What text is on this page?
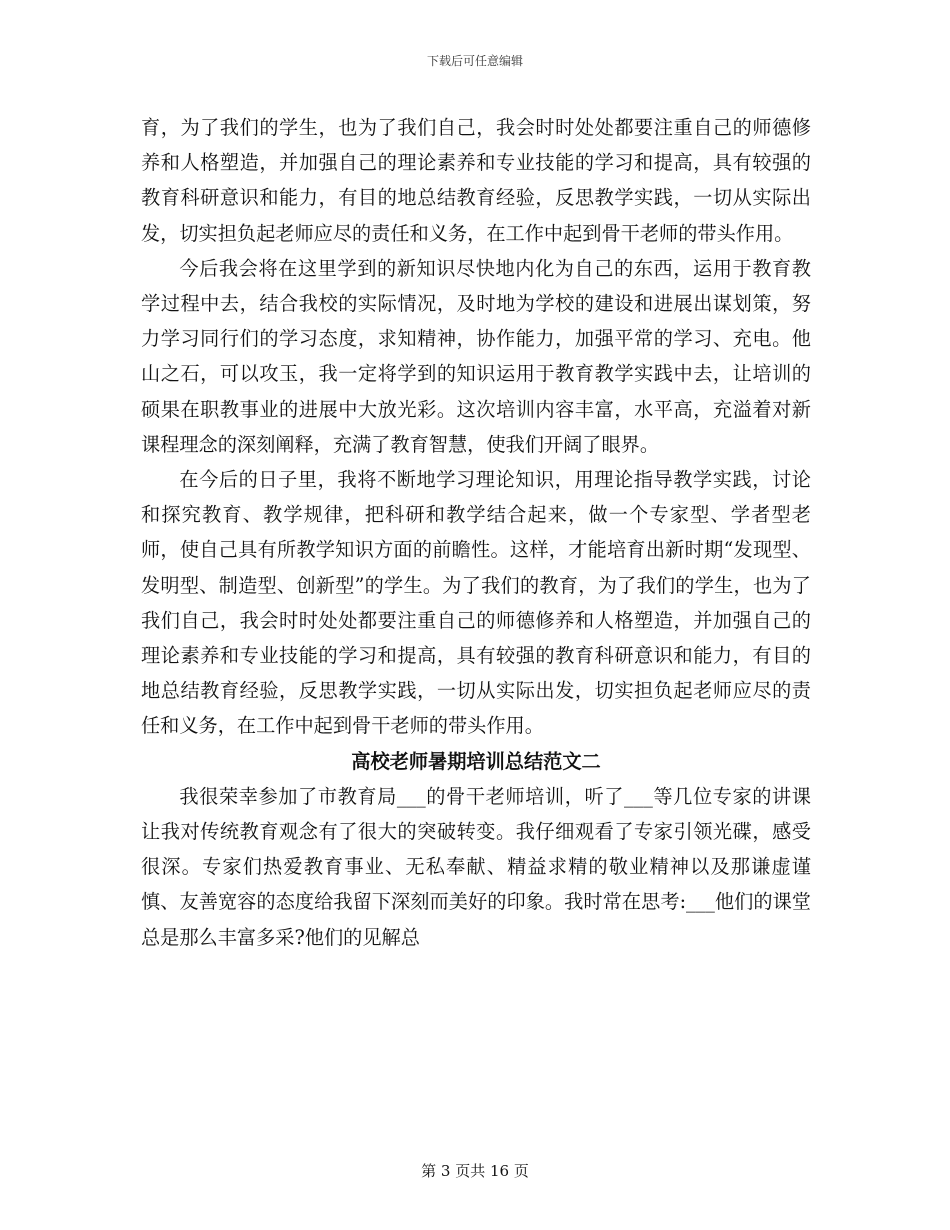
下载后可任意编辑

育，为了我们的学生，也为了我们自己，我会时时处处都要注重自己的师德修养和人格塑造，并加强自己的理论素养和专业技能的学习和提高，具有较强的教育科研意识和能力，有目的地总结教育经验，反思教学实践，一切从实际出发，切实担负起老师应尽的责任和义务，在工作中起到骨干老师的带头作用。

今后我会将在这里学到的新知识尽快地内化为自己的东西，运用于教育教学过程中去，结合我校的实际情况，及时地为学校的建设和进展出谋划策，努力学习同行们的学习态度，求知精神，协作能力，加强平常的学习、充电。他山之石，可以攻玉，我一定将学到的知识运用于教育教学实践中去，让培训的硕果在职教事业的进展中大放光彩。这次培训内容丰富，水平高，充溢着对新课程理念的深刻阐释，充满了教育智慧，使我们开阔了眼界。

在今后的日子里，我将不断地学习理论知识，用理论指导教学实践，讨论和探究教育、教学规律，把科研和教学结合起来，做一个专家型、学者型老师，使自己具有所教学知识方面的前瞻性。这样，才能培育出新时期“发现型、发明型、制造型、创新型”的学生。为了我们的教育，为了我们的学生，也为了我们自己，我会时时处处都要注重自己的师德修养和人格塑造，并加强自己的理论素养和专业技能的学习和提高，具有较强的教育科研意识和能力，有目的地总结教育经验，反思教学实践，一切从实际出发，切实担负起老师应尽的责任和义务，在工作中起到骨干老师的带头作用。

高校老师暑期培训总结范文二

我很荣幸参加了市教育局___的骨干老师培训，听了___等几位专家的讲课让我对传统教育观念有了很大的突破转变。我仔细观看了专家引领光碟，感受很深。专家们热爱教育事业、无私奉献、精益求精的敬业精神以及那谦虚谨慎、友善宽容的态度给我留下深刻而美好的印象。我时常在思考:___他们的课堂总是那么丰富多采?他们的见解总

第 3 页共 16 页
